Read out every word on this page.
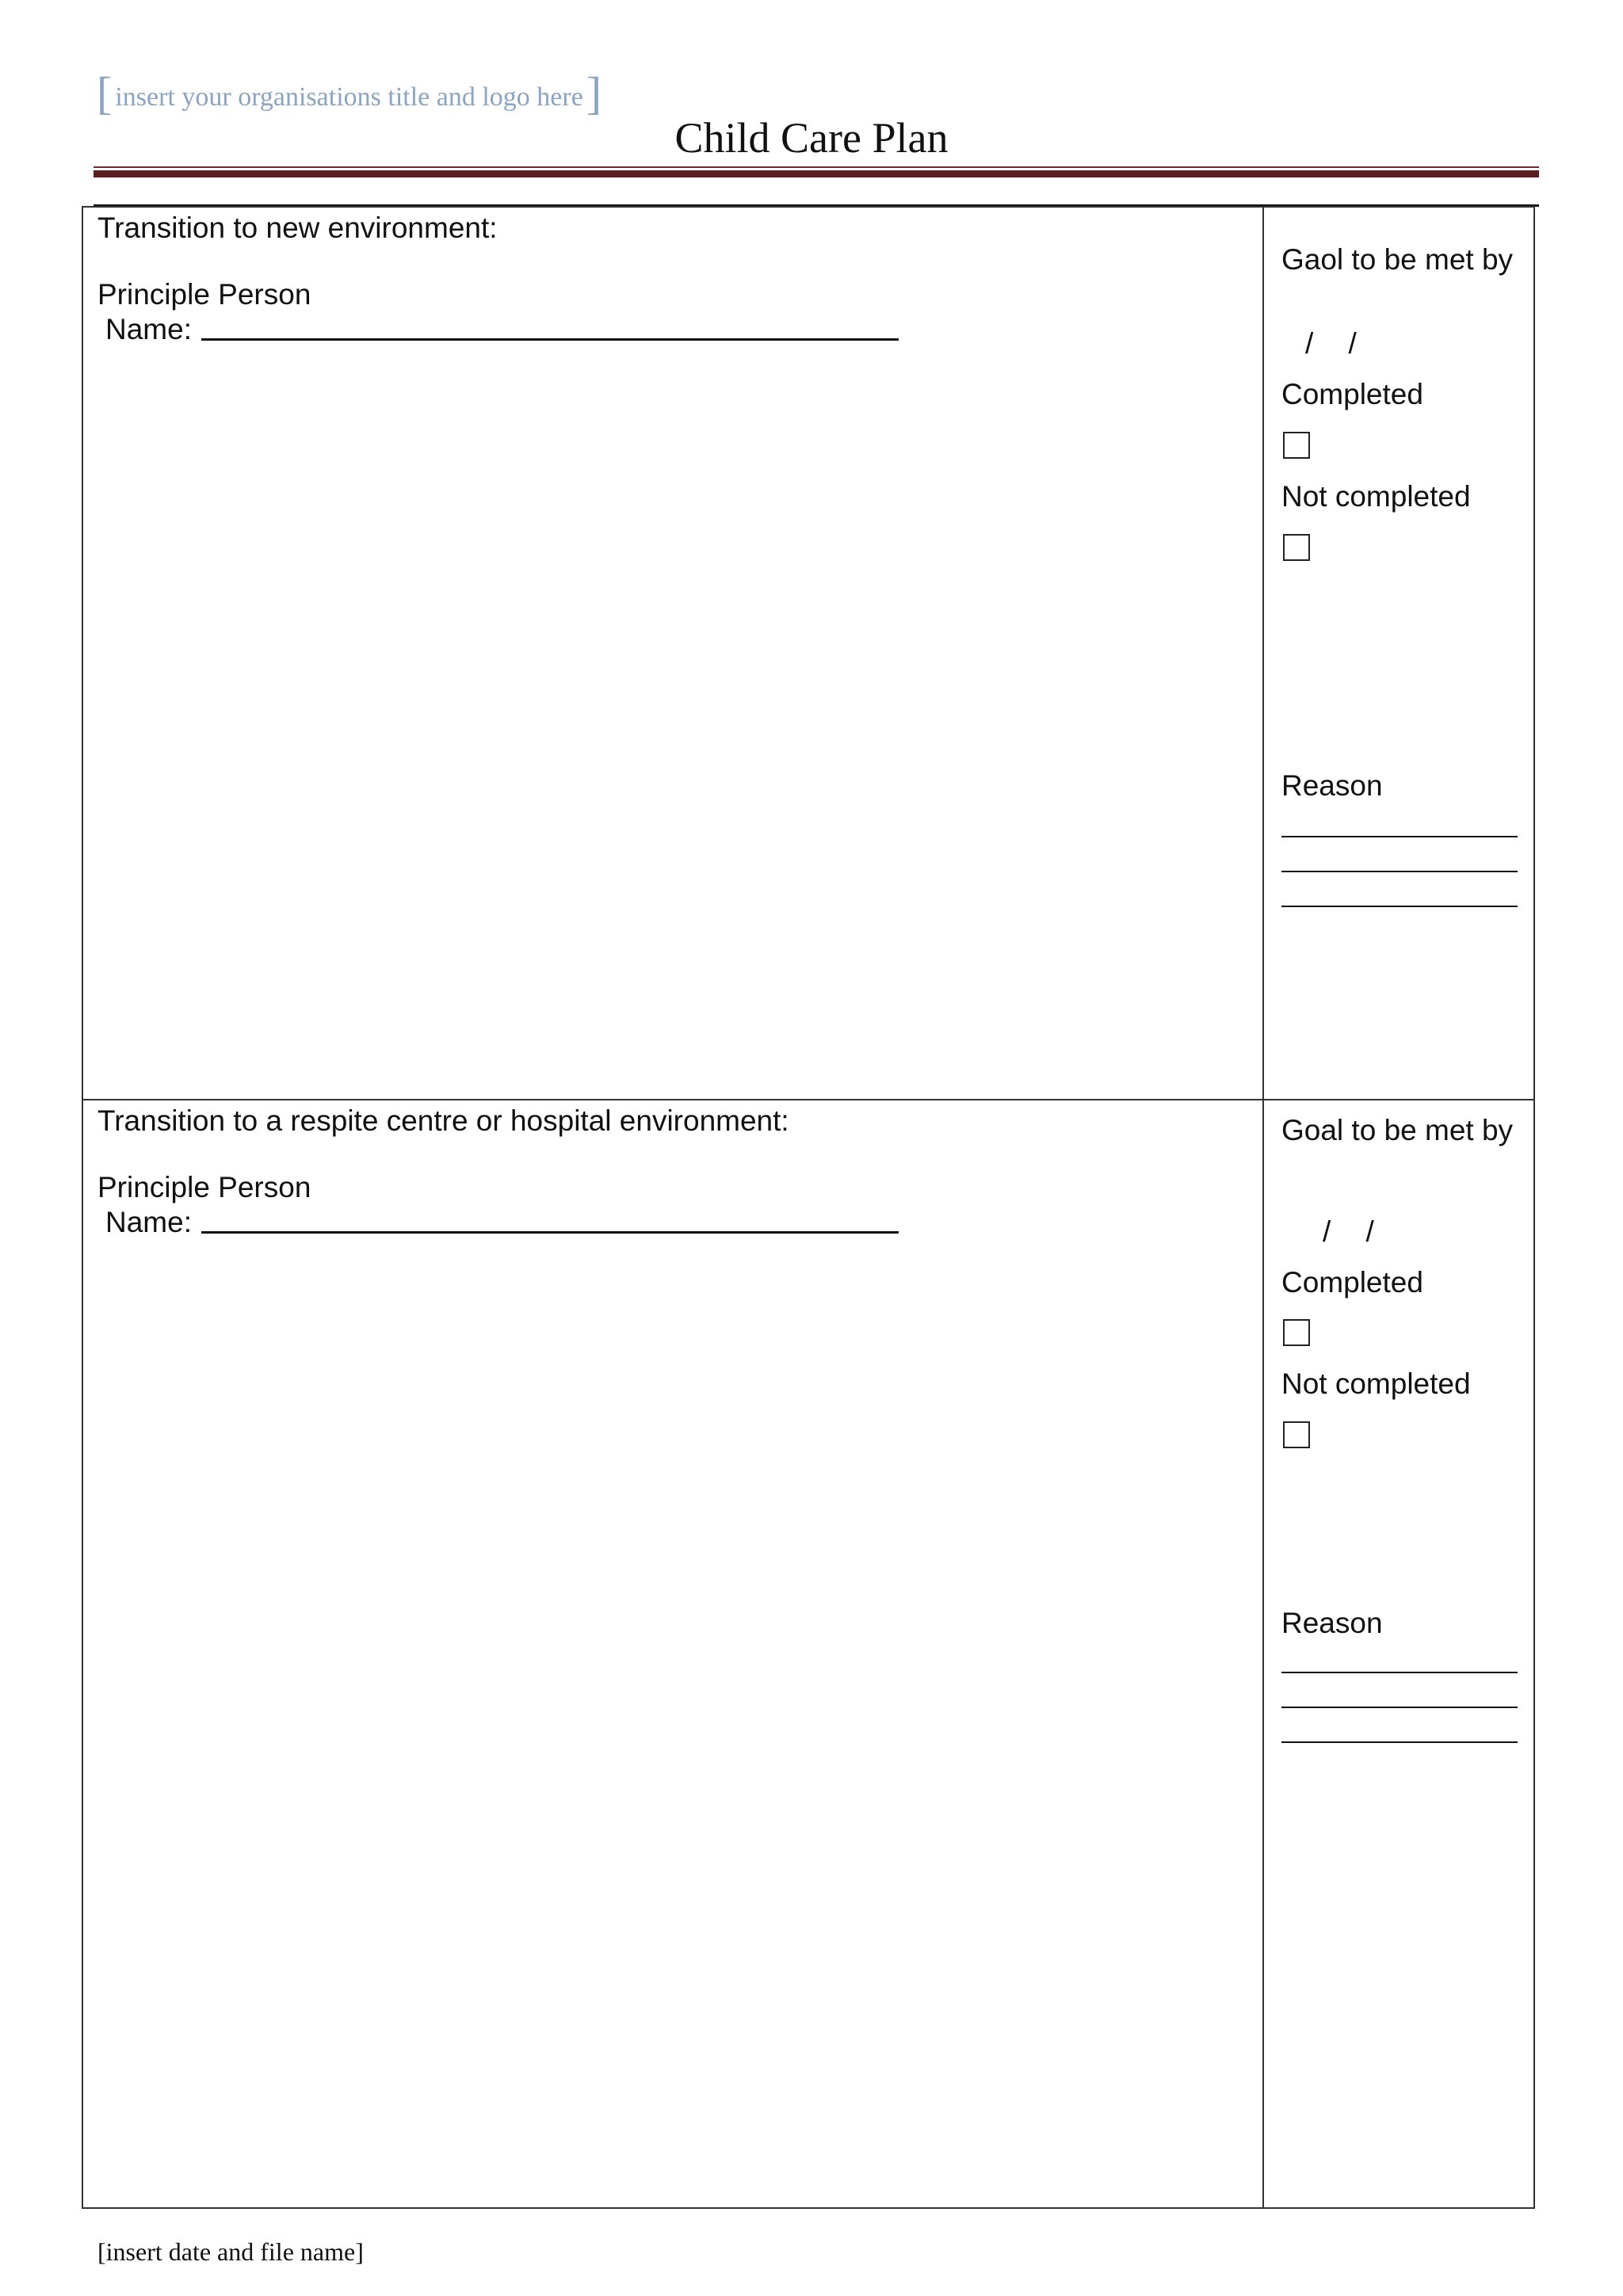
[ insert your organisations title and logo here]
Child Care Plan
Transition to new environment:
Principle Person
Name:
Gaol to be met by
/ /
Completed
Not completed
Reason
Transition to a respite centre or hospital environment:
Principle Person
Name:
Goal to be met by
/ /
Completed
Not completed
Reason
[insert date and file name]
